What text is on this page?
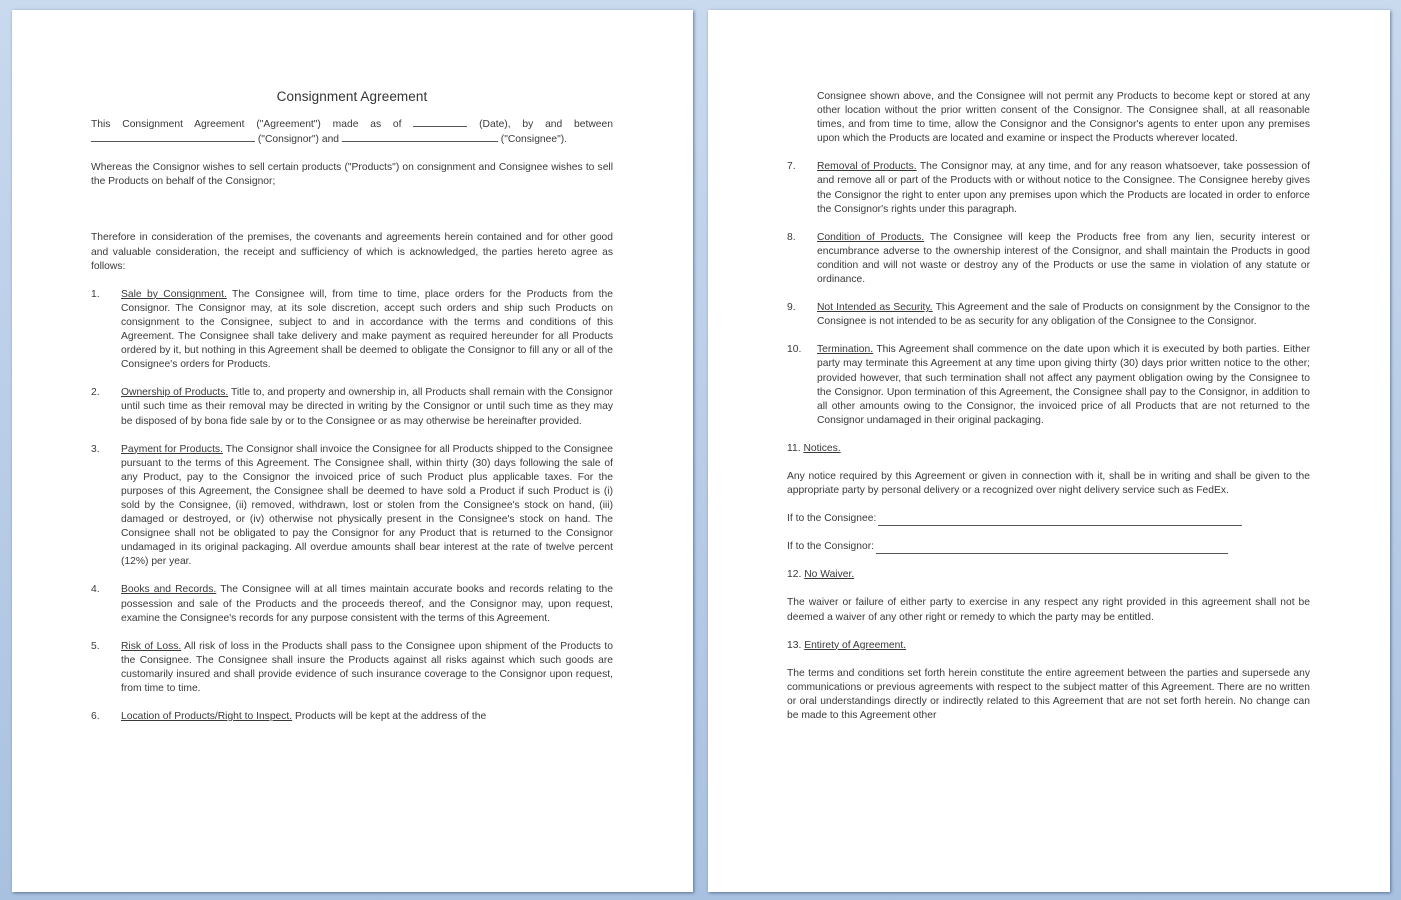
Consignment Agreement
This Consignment Agreement ("Agreement") made as of	(Date), by and between  ("Consignor") and	("Consignee").
Whereas the Consignor wishes to sell certain products ("Products") on consignment and Consignee wishes to sell the Products on behalf of the Consignor;
Therefore in consideration of the premises, the covenants and agreements herein contained and for other good and valuable consideration, the receipt and sufficiency of which is acknowledged, the parties hereto agree as follows:
1.	Sale by Consignment. The Consignee will, from time to time, place orders for the Products from the Consignor. The Consignor may, at its sole discretion, accept such orders and ship such Products on consignment to the Consignee, subject to and in accordance with the terms and conditions of this Agreement. The Consignee shall take delivery and make payment as required hereunder for all Products ordered by it, but nothing in this Agreement shall be deemed to obligate the Consignor to fill any or all of the Consignee's orders for Products.
2.	Ownership of Products. Title to, and property and ownership in, all Products shall remain with the Consignor until such time as their removal may be directed in writing by the Consignor or until such time as they may be disposed of by bona fide sale by or to the Consignee or as may otherwise be hereinafter provided.
3.	Payment for Products. The Consignor shall invoice the Consignee for all Products shipped to the Consignee pursuant to the terms of this Agreement. The Consignee shall, within thirty (30) days following the sale of any Product, pay to the Consignor the invoiced price of such Product plus applicable taxes. For the purposes of this Agreement, the Consignee shall be deemed to have sold a Product if such Product is (i) sold by the Consignee, (ii) removed, withdrawn, lost or stolen from the Consignee's stock on hand, (iii) damaged or destroyed, or (iv) otherwise not physically present in the Consignee's stock on hand. The Consignee shall not be obligated to pay the Consignor for any Product that is returned to the Consignor undamaged in its original packaging. All overdue amounts shall bear interest at the rate of twelve percent (12%) per year.
4.	Books and Records. The Consignee will at all times maintain accurate books and records relating to the possession and sale of the Products and the proceeds thereof, and the Consignor may, upon request, examine the Consignee's records for any purpose consistent with the terms of this Agreement.
5.	Risk of Loss. All risk of loss in the Products shall pass to the Consignee upon shipment of the Products to the Consignee. The Consignee shall insure the Products against all risks against which such goods are customarily insured and shall provide evidence of such insurance coverage to the Consignor upon request, from time to time.
6.	Location of Products/Right to Inspect. Products will be kept at the address of the
Consignee shown above, and the Consignee will not permit any Products to become kept or stored at any other location without the prior written consent of the Consignor. The Consignee shall, at all reasonable times, and from time to time, allow the Consignor and the Consignor's agents to enter upon any premises upon which the Products are located and examine or inspect the Products wherever located.
7.	Removal of Products. The Consignor may, at any time, and for any reason whatsoever, take possession of and remove all or part of the Products with or without notice to the Consignee. The Consignee hereby gives the Consignor the right to enter upon any premises upon which the Products are located in order to enforce the Consignor's rights under this paragraph.
8.	Condition of Products. The Consignee will keep the Products free from any lien, security interest or encumbrance adverse to the ownership interest of the Consignor, and shall maintain the Products in good condition and will not waste or destroy any of the Products or use the same in violation of any statute or ordinance.
9.	Not Intended as Security. This Agreement and the sale of Products on consignment by the Consignor to the Consignee is not intended to be as security for any obligation of the Consignee to the Consignor.
10.	Termination. This Agreement shall commence on the date upon which it is executed by both parties. Either party may terminate this Agreement at any time upon giving thirty (30) days prior written notice to the other; provided however, that such termination shall not affect any payment obligation owing by the Consignee to the Consignor. Upon termination of this Agreement, the Consignee shall pay to the Consignor, in addition to all other amounts owing to the Consignor, the invoiced price of all Products that are not returned to the Consignor undamaged in their original packaging.
11. Notices.
Any notice required by this Agreement or given in connection with it, shall be in writing and shall be given to the appropriate party by personal delivery or a recognized over night delivery service such as FedEx.
If to the Consignee:
If to the Consignor:
12. No Waiver.
The waiver or failure of either party to exercise in any respect any right provided in this agreement shall not be deemed a waiver of any other right or remedy to which the party may be entitled.
13. Entirety of Agreement.
The terms and conditions set forth herein constitute the entire agreement between the parties and supersede any communications or previous agreements with respect to the subject matter of this Agreement. There are no written or oral understandings directly or indirectly related to this Agreement that are not set forth herein. No change can be made to this Agreement other
